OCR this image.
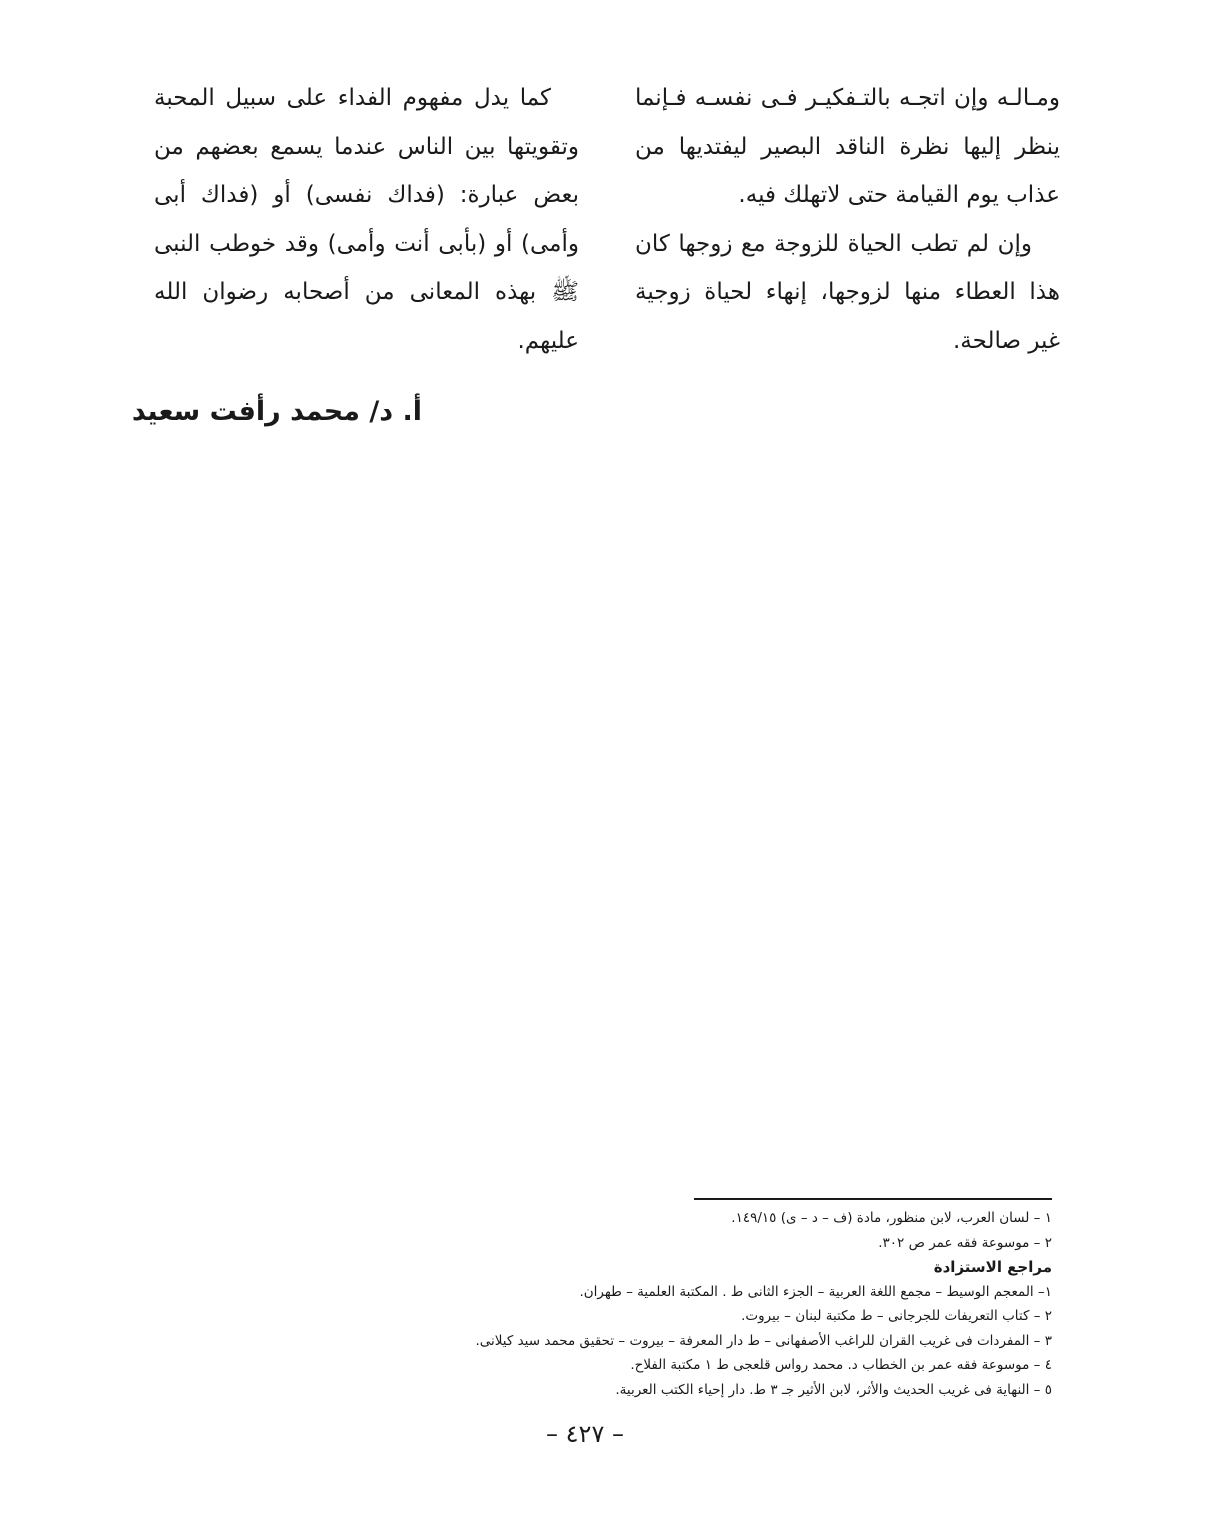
ومـالـه وإن اتجـه بالتـفكيـر فـى نفسـه فـإنما ينظر إليها نظرة الناقد البصير ليفتديها من عذاب يوم القيامة حتى لاتهلك فيه.

وإن لم تطب الحياة للزوجة مع زوجها كان هذا العطاء منها لزوجها، إنهاء لحياة زوجية غير صالحة.

كما يدل مفهوم الفداء على سبيل المحبة وتقويتها بين الناس عندما يسمع بعضهم من بعض عبارة: (فداك نفسى) أو (فداك أبى وأمى) أو (بأبى أنت وأمى) وقد خوطب النبى ﷺ بهذه المعانى من أصحابه رضوان الله عليهم.

أ. د/ محمد رأفت سعيد
١ – لسان العرب، لابن منظور، مادة (ف – د – ى) ١٤٩/١٥.
٢ – موسوعة فقه عمر ص ٣٠٢.
مراجع الاستزادة
١– المعجم الوسيط – مجمع اللغة العربية – الجزء الثانى ط . المكتبة العلمية – طهران.
٢ – كتاب التعريفات للجرجانى – ط مكتبة لبنان – بيروت.
٣ – المفردات فى غريب القران للراغب الأصفهانى – ط دار المعرفة – بيروت – تحقيق محمد سيد كيلانى.
٤ – موسوعة فقه عمر بن الخطاب د. محمد رواس قلعجى ط ١ مكتبة الفلاح.
٥ – النهاية فى غريب الحديث والأثر، لابن الأثير جـ ٣ ط. دار إحياء الكتب العربية.
– ٤٢٧ –
